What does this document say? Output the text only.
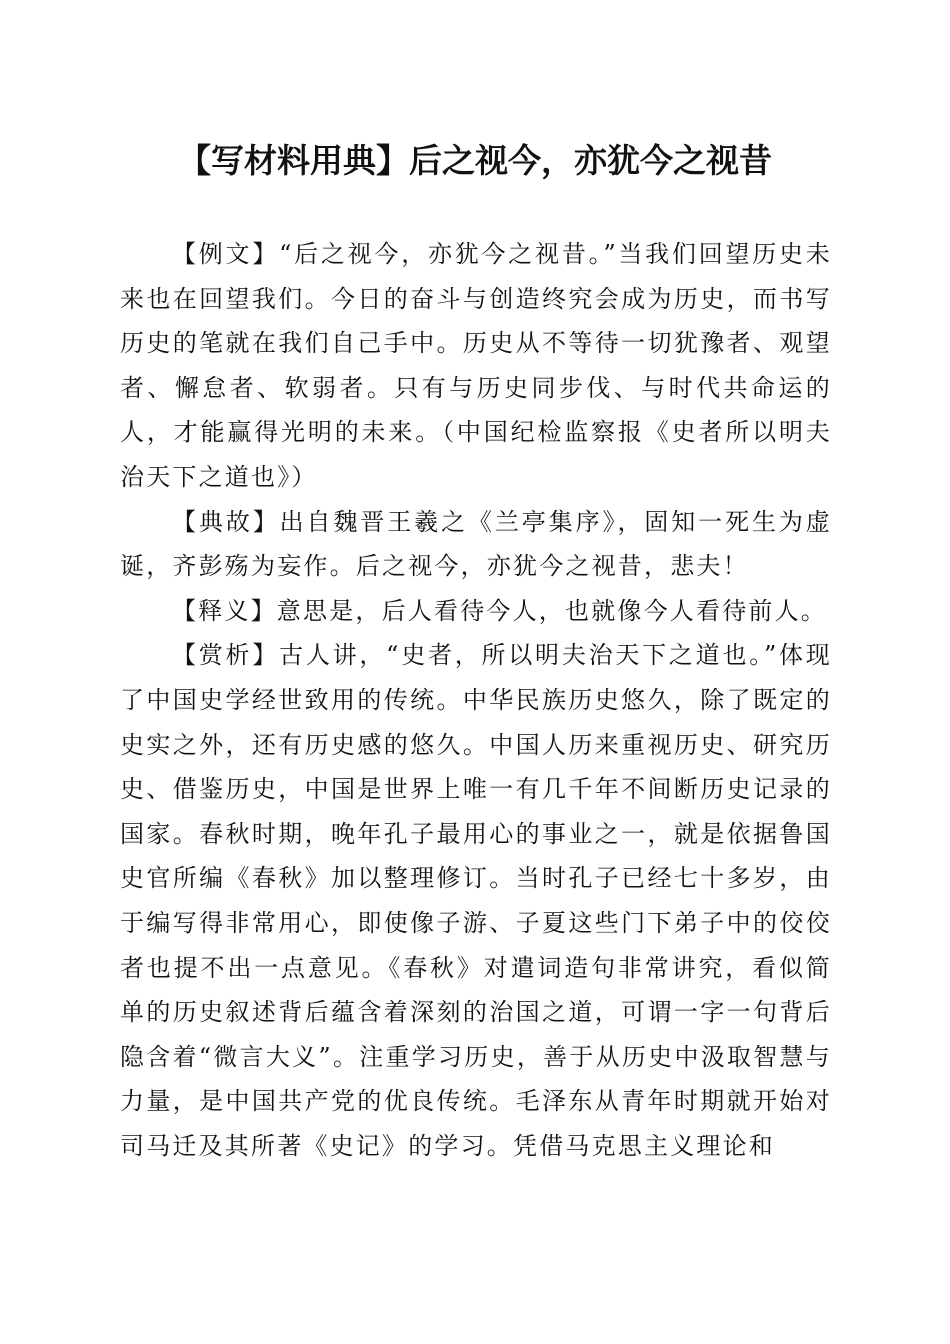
【写材料用典】后之视今，亦犹今之视昔

【例文】“后之视今，亦犹今之视昔。”当我们回望历史未来也在回望我们。今日的奋斗与创造终究会成为历史，而书写历史的笔就在我们自己手中。历史从不等待一切犹豫者、观望者、懈怠者、软弱者。只有与历史同步伐、与时代共命运的人，才能赢得光明的未来。（中国纪检监察报《史者所以明夫治天下之道也》）

【典故】出自魏晋王羲之《兰亭集序》，固知一死生为虚诞，齐彭殇为妄作。后之视今，亦犹今之视昔，悲夫！

【释义】意思是，后人看待今人，也就像今人看待前人。

【赏析】古人讲，“史者，所以明夫治天下之道也。”体现了中国史学经世致用的传统。中华民族历史悠久，除了既定的史实之外，还有历史感的悠久。中国人历来重视历史、研究历史、借鉴历史，中国是世界上唯一有几千年不间断历史记录的国家。春秋时期，晚年孔子最用心的事业之一，就是依据鲁国史官所编《春秋》加以整理修订。当时孔子已经七十多岁，由于编写得非常用心，即使像子游、子夏这些门下弟子中的佼佼者也提不出一点意见。《春秋》对遣词造句非常讲究，看似简单的历史叙述背后蕴含着深刻的治国之道，可谓一字一句背后隐含着“微言大义”。注重学习历史，善于从历史中汲取智慧与力量，是中国共产党的优良传统。毛泽东从青年时期就开始对司马迁及其所著《史记》的学习。凭借马克思主义理论和
